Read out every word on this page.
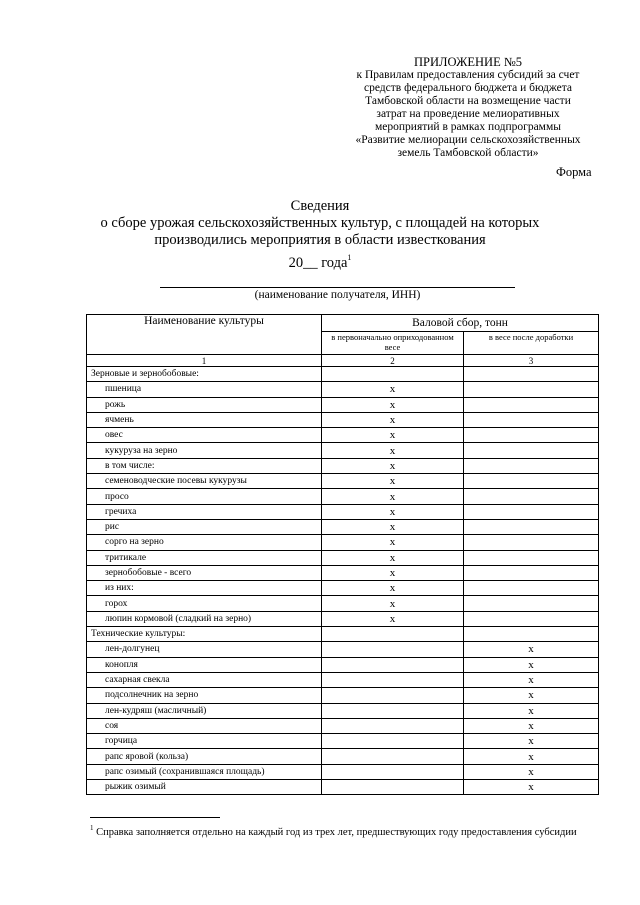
ПРИЛОЖЕНИЕ №5
к Правилам предоставления субсидий за счет
средств федерального бюджета и бюджета
Тамбовской области на возмещение части
затрат на проведение мелиоративных
мероприятий в рамках подпрограммы
«Развитие мелиорации сельскохозяйственных
земель Тамбовской области»
Форма
Сведения
о сборе урожая сельскохозяйственных культур, с площадей на которых
производились мероприятия в области известкования
20__ года$^1$
(наименование получателя, ИНН)
Наименование культуры	Валовой сбор, тонн	
	в первоначально оприходованном весе	в весе после доработки
1	2	3
Зерновые и зернобобовые:		
пшеница	х	
рожь	х	
ячмень	х	
овес	х	
кукуруза на зерно	х	
в том числе:	х	
семеноводческие посевы кукурузы	х	
просо	х	
гречиха	х	
рис	х	
сорго на зерно	х	
тритикале	х	
зернобобовые - всего	х	
из них:	х	
горох	х	
люпин кормовой (сладкий на зерно)	х	
Технические культуры:		
лен-долгунец		х
конопля		х
сахарная свекла		х
подсолнечник на зерно		х
лен-кудряш (масличный)		х
соя		х
горчица		х
рапс яровой (кольза)		х
рапс озимый (сохранившаяся площадь)		х
рыжик озимый		х
$^1$ Справка заполняется отдельно на каждый год из трех лет, предшествующих году предоставления субсидии
